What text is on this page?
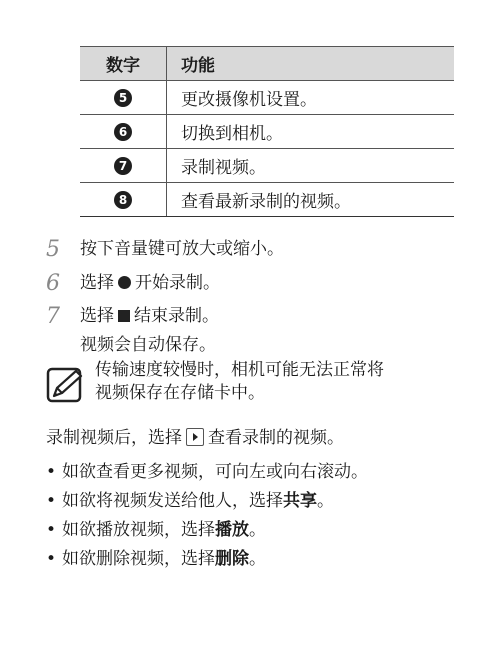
数字	功能
5	更改摄像机设置。
6	切换到相机。
7	录制视频。
8	查看最新录制的视频。
5 按下音量键可放大或缩小。
6 选择 开始录制。
7 选择 结束录制。
视频会自动保存。
传输速度较慢时，相机可能无法正常将
视频保存在存储卡中。
录制视频后，选择 查看录制的视频。
• 如欲查看更多视频，可向左或向右滚动。
• 如欲将视频发送给他人，选择共享。
• 如欲播放视频，选择播放。
• 如欲删除视频，选择删除。
